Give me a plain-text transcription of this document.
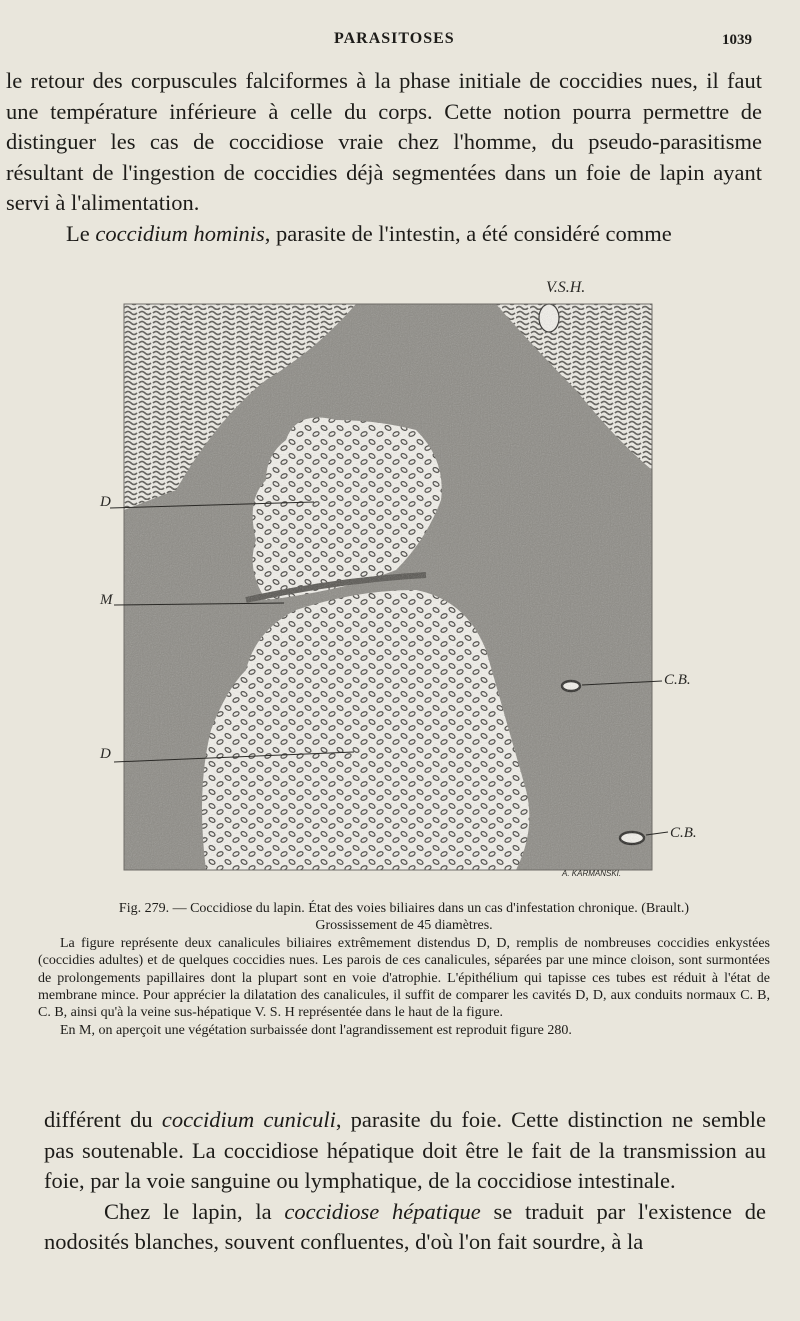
PARASITOSES	1039

le retour des corpuscules falciformes à la phase initiale de coccidies nues, il faut une température inférieure à celle du corps. Cette notion pourra permettre de distinguer les cas de coccidiose vraie chez l'homme, du pseudo-parasitisme résultant de l'ingestion de coccidies déjà segmentées dans un foie de lapin ayant servi à l'alimentation.

Le coccidium hominis, parasite de l'intestin, a été considéré comme

V.S.H.
D
M
D
C.B.
C.B.
A. KARMANSKI.

Fig. 279. — Coccidiose du lapin. État des voies biliaires dans un cas d'infestation chronique. (Brault.)

Grossissement de 45 diamètres.

La figure représente deux canalicules biliaires extrêmement distendus D, D, remplis de nombreuses coccidies enkystées (coccidies adultes) et de quelques coccidies nues. Les parois de ces canalicules, séparées par une mince cloison, sont surmontées de prolongements papillaires dont la plupart sont en voie d'atrophie. L'épithélium qui tapisse ces tubes est réduit à l'état de membrane mince. Pour apprécier la dilatation des canalicules, il suffit de comparer les cavités D, D, aux conduits normaux C. B, C. B, ainsi qu'à la veine sus-hépatique V. S. H représentée dans le haut de la figure.

En M, on aperçoit une végétation surbaissée dont l'agrandissement est reproduit figure 280.

différent du coccidium cuniculi, parasite du foie. Cette distinction ne semble pas soutenable. La coccidiose hépatique doit être le fait de la transmission au foie, par la voie sanguine ou lymphatique, de la coccidiose intestinale.

Chez le lapin, la coccidiose hépatique se traduit par l'existence de nodosités blanches, souvent confluentes, d'où l'on fait sourdre, à la
